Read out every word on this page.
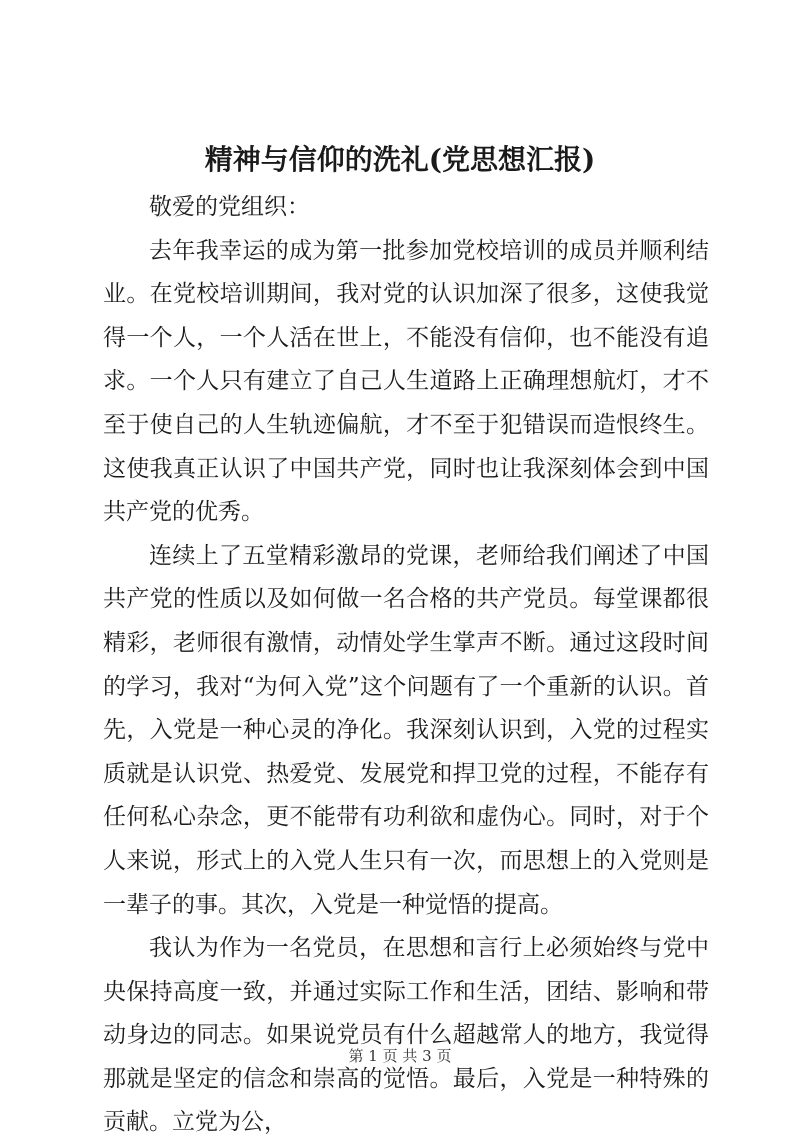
精神与信仰的洗礼(党思想汇报)

敬爱的党组织：

去年我幸运的成为第一批参加党校培训的成员并顺利结业。在党校培训期间，我对党的认识加深了很多，这使我觉得一个人，一个人活在世上，不能没有信仰，也不能没有追求。一个人只有建立了自己人生道路上正确理想航灯，才不至于使自己的人生轨迹偏航，才不至于犯错误而造恨终生。这使我真正认识了中国共产党，同时也让我深刻体会到中国共产党的优秀。

连续上了五堂精彩激昂的党课，老师给我们阐述了中国共产党的性质以及如何做一名合格的共产党员。每堂课都很精彩，老师很有激情，动情处学生掌声不断。通过这段时间的学习，我对“为何入党”这个问题有了一个重新的认识。首先，入党是一种心灵的净化。我深刻认识到，入党的过程实质就是认识党、热爱党、发展党和捍卫党的过程，不能存有任何私心杂念，更不能带有功利欲和虚伪心。同时，对于个人来说，形式上的入党人生只有一次，而思想上的入党则是一辈子的事。其次，入党是一种觉悟的提高。

我认为作为一名党员，在思想和言行上必须始终与党中央保持高度一致，并通过实际工作和生活，团结、影响和带动身边的同志。如果说党员有什么超越常人的地方，我觉得那就是坚定的信念和崇高的觉悟。最后，入党是一种特殊的贡献。立党为公，

第 1 页 共 3 页
